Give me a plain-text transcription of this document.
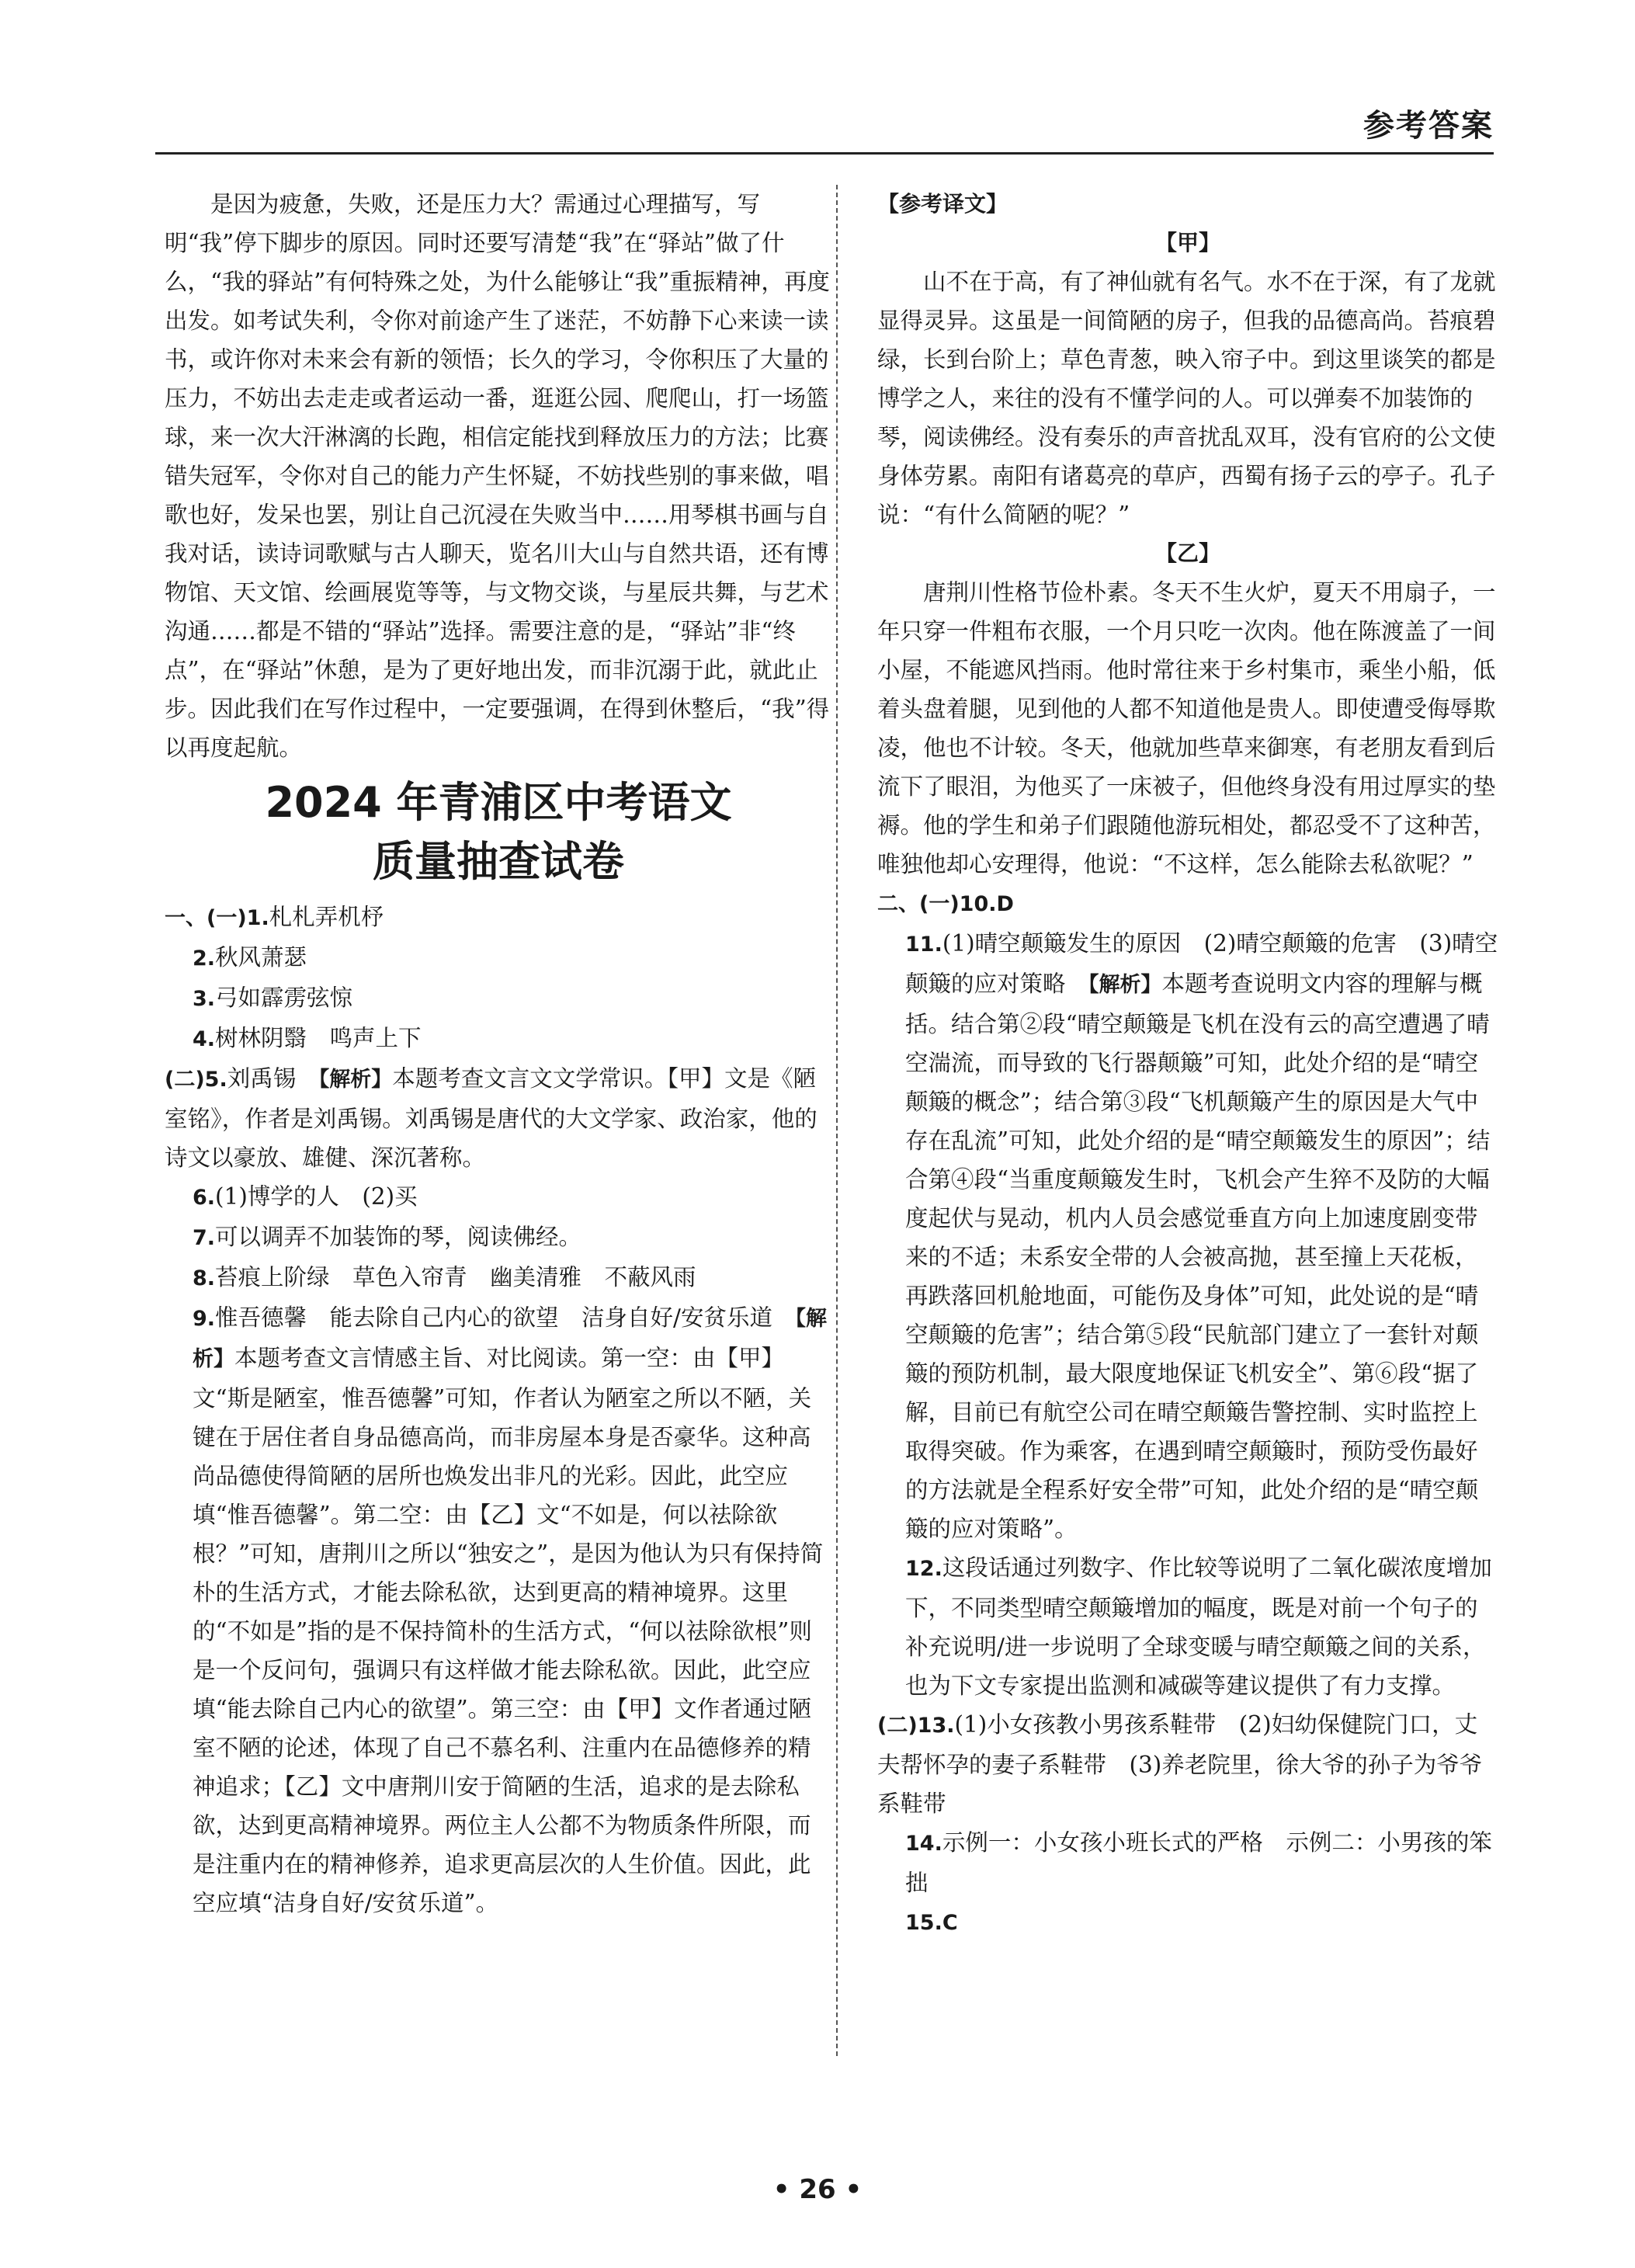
参考答案

是因为疲惫，失败，还是压力大？需通过心理描写，写明“我”停下脚步的原因。同时还要写清楚“我”在“驿站”做了什么，“我的驿站”有何特殊之处，为什么能够让“我”重振精神，再度出发。如考试失利，令你对前途产生了迷茫，不妨静下心来读一读书，或许你对未来会有新的领悟；长久的学习，令你积压了大量的压力，不妨出去走走或者运动一番，逛逛公园、爬爬山，打一场篮球，来一次大汗淋漓的长跑，相信定能找到释放压力的方法；比赛错失冠军，令你对自己的能力产生怀疑，不妨找些别的事来做，唱歌也好，发呆也罢，别让自己沉浸在失败当中……用琴棋书画与自我对话，读诗词歌赋与古人聊天，览名川大山与自然共语，还有博物馆、天文馆、绘画展览等等，与文物交谈，与星辰共舞，与艺术沟通……都是不错的“驿站”选择。需要注意的是，“驿站”非“终点”，在“驿站”休憩，是为了更好地出发，而非沉溺于此，就此止步。因此我们在写作过程中，一定要强调，在得到休整后，“我”得以再度起航。

2024 年青浦区中考语文
质量抽查试卷

一、(一)1.札札弄机杼

2.秋风萧瑟

3.弓如霹雳弦惊

4.树林阴翳　鸣声上下

(二)5.刘禹锡　【解析】本题考查文言文文学常识。【甲】文是《陋室铭》，作者是刘禹锡。刘禹锡是唐代的大文学家、政治家，他的诗文以豪放、雄健、深沉著称。

6.(1)博学的人　(2)买

7.可以调弄不加装饰的琴，阅读佛经。

8.苔痕上阶绿　草色入帘青　幽美清雅　不蔽风雨

9.惟吾德馨　能去除自己内心的欲望　洁身自好/安贫乐道　【解析】本题考查文言情感主旨、对比阅读。第一空：由【甲】文“斯是陋室，惟吾德馨”可知，作者认为陋室之所以不陋，关键在于居住者自身品德高尚，而非房屋本身是否豪华。这种高尚品德使得简陋的居所也焕发出非凡的光彩。因此，此空应填“惟吾德馨”。第二空：由【乙】文“不如是，何以祛除欲根？”可知，唐荆川之所以“独安之”，是因为他认为只有保持简朴的生活方式，才能去除私欲，达到更高的精神境界。这里的“不如是”指的是不保持简朴的生活方式，“何以祛除欲根”则是一个反问句，强调只有这样做才能去除私欲。因此，此空应填“能去除自己内心的欲望”。第三空：由【甲】文作者通过陋室不陋的论述，体现了自己不慕名利、注重内在品德修养的精神追求；【乙】文中唐荆川安于简陋的生活，追求的是去除私欲，达到更高精神境界。两位主人公都不为物质条件所限，而是注重内在的精神修养，追求更高层次的人生价值。因此，此空应填“洁身自好/安贫乐道”。

【参考译文】

【甲】

山不在于高，有了神仙就有名气。水不在于深，有了龙就显得灵异。这虽是一间简陋的房子，但我的品德高尚。苔痕碧绿，长到台阶上；草色青葱，映入帘子中。到这里谈笑的都是博学之人，来往的没有不懂学问的人。可以弹奏不加装饰的琴，阅读佛经。没有奏乐的声音扰乱双耳，没有官府的公文使身体劳累。南阳有诸葛亮的草庐，西蜀有扬子云的亭子。孔子说：“有什么简陋的呢？”

【乙】

唐荆川性格节俭朴素。冬天不生火炉，夏天不用扇子，一年只穿一件粗布衣服，一个月只吃一次肉。他在陈渡盖了一间小屋，不能遮风挡雨。他时常往来于乡村集市，乘坐小船，低着头盘着腿，见到他的人都不知道他是贵人。即使遭受侮辱欺凌，他也不计较。冬天，他就加些草来御寒，有老朋友看到后流下了眼泪，为他买了一床被子，但他终身没有用过厚实的垫褥。他的学生和弟子们跟随他游玩相处，都忍受不了这种苦，唯独他却心安理得，他说：“不这样，怎么能除去私欲呢？”

二、(一)10.D

11.(1)晴空颠簸发生的原因　(2)晴空颠簸的危害　(3)晴空颠簸的应对策略　【解析】本题考查说明文内容的理解与概括。结合第②段“晴空颠簸是飞机在没有云的高空遭遇了晴空湍流，而导致的飞行器颠簸”可知，此处介绍的是“晴空颠簸的概念”；结合第③段“飞机颠簸产生的原因是大气中存在乱流”可知，此处介绍的是“晴空颠簸发生的原因”；结合第④段“当重度颠簸发生时，飞机会产生猝不及防的大幅度起伏与晃动，机内人员会感觉垂直方向上加速度剧变带来的不适；未系安全带的人会被高抛，甚至撞上天花板，再跌落回机舱地面，可能伤及身体”可知，此处说的是“晴空颠簸的危害”；结合第⑤段“民航部门建立了一套针对颠簸的预防机制，最大限度地保证飞机安全”、第⑥段“据了解，目前已有航空公司在晴空颠簸告警控制、实时监控上取得突破。作为乘客，在遇到晴空颠簸时，预防受伤最好的方法就是全程系好安全带”可知，此处介绍的是“晴空颠簸的应对策略”。

12.这段话通过列数字、作比较等说明了二氧化碳浓度增加下，不同类型晴空颠簸增加的幅度，既是对前一个句子的补充说明/进一步说明了全球变暖与晴空颠簸之间的关系，也为下文专家提出监测和减碳等建议提供了有力支撑。

(二)13.(1)小女孩教小男孩系鞋带　(2)妇幼保健院门口，丈夫帮怀孕的妻子系鞋带　(3)养老院里，徐大爷的孙子为爷爷系鞋带

14.示例一：小女孩小班长式的严格　示例二：小男孩的笨拙

15.C

• 26 •
